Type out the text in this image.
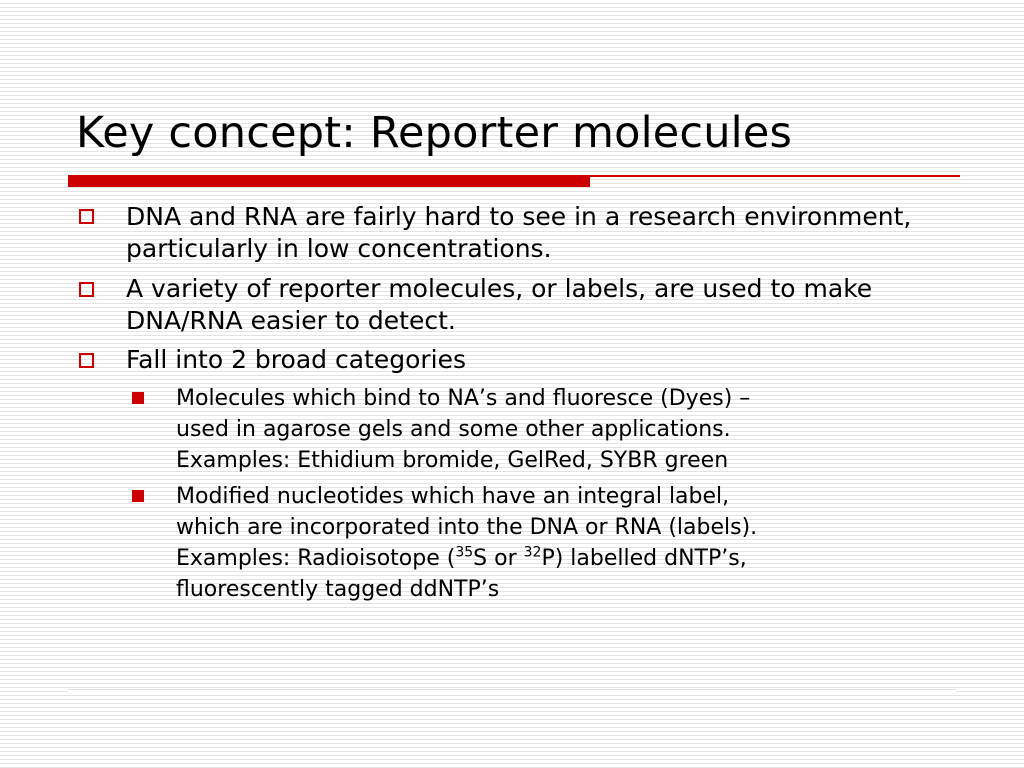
Key concept: Reporter molecules
DNA and RNA are fairly hard to see in a research environment, particularly in low concentrations.
A variety of reporter molecules, or labels, are used to make DNA/RNA easier to detect.
Fall into 2 broad categories
Molecules which bind to NA’s and fluoresce (Dyes) –
used in agarose gels and some other applications.
Examples: Ethidium bromide, GelRed, SYBR green
Modified nucleotides which have an integral label,
which are incorporated into the DNA or RNA (labels).
Examples: Radioisotope ($^{35}$S or $^{32}$P) labelled dNTP’s,
fluorescently tagged ddNTP’s
